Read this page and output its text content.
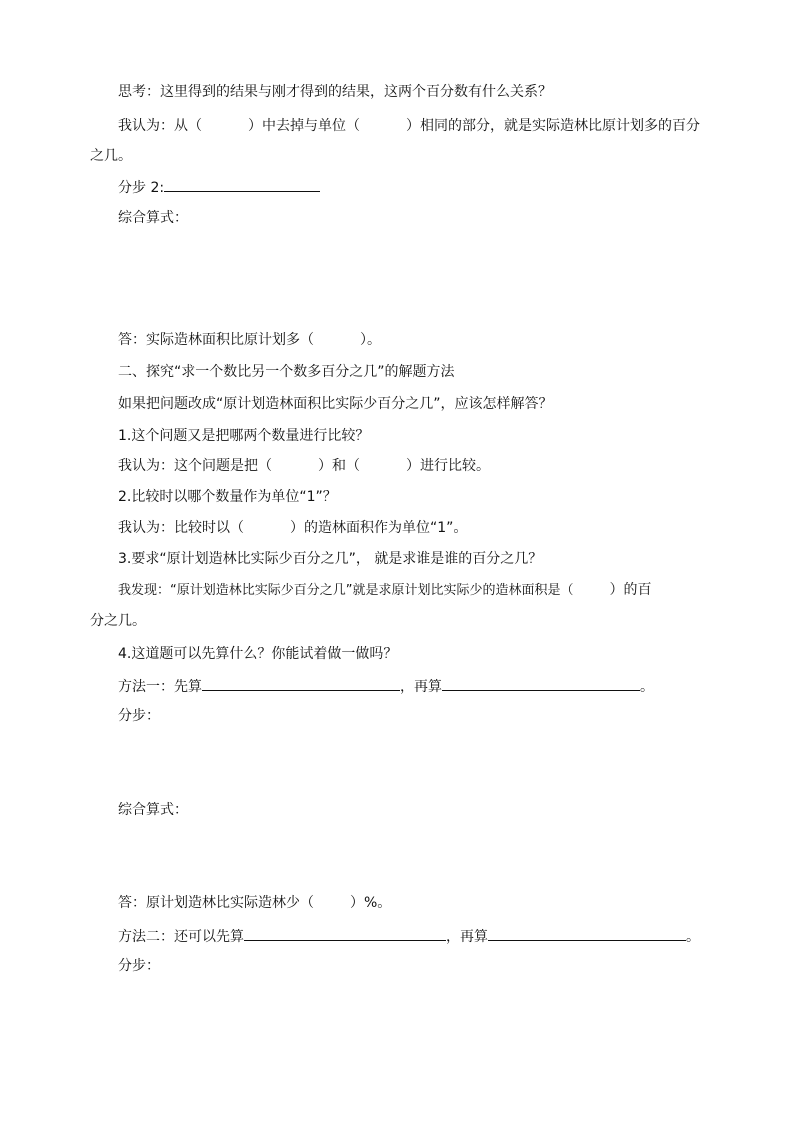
思考：这里得到的结果与刚才得到的结果，这两个百分数有什么关系？
我认为：从（	）中去掉与单位（	）相同的部分，就是实际造林比原计划多的百分
之几。
分步 2:
综合算式：
答：实际造林面积比原计划多（	）。
二、探究“求一个数比另一个数多百分之几”的解题方法
如果把问题改成“原计划造林面积比实际少百分之几”，应该怎样解答？
1.这个问题又是把哪两个数量进行比较？
我认为：这个问题是把（	）和（	）进行比较。
2.比较时以哪个数量作为单位“1”？
我认为：比较时以（	）的造林面积作为单位“1”。
3.要求“原计划造林比实际少百分之几”， 就是求谁是谁的百分之几？
我发现：“原计划造林比实际少百分之几”就是求原计划比实际少的造林面积是（	）的百
分之几。
4.这道题可以先算什么？你能试着做一做吗？
方法一：先算	，再算	。
分步：
综合算式：
答：原计划造林比实际造林少（	）%。
方法二：还可以先算	，再算	。
分步：
